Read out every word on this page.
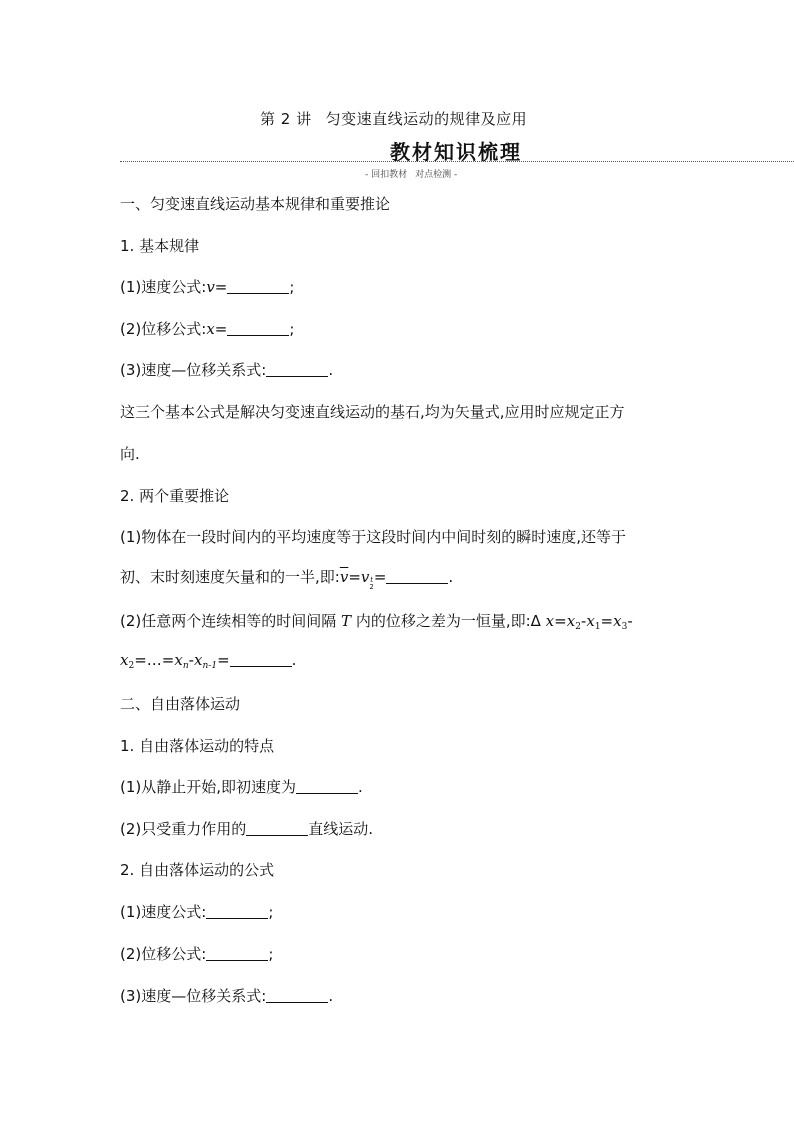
第 2 讲 匀变速直线运动的规律及应用
教材知识梳理
- 回扣教材 对点检测 -
一、匀变速直线运动基本规律和重要推论
1. 基本规律
(1)速度公式:v=	;
(2)位移公式:x=	;
(3)速度—位移关系式:	.
这三个基本公式是解决匀变速直线运动的基石,均为矢量式,应用时应规定正方
向.
2. 两个重要推论
(1)物体在一段时间内的平均速度等于这段时间内中间时刻的瞬时速度,还等于
初、末时刻速度矢量和的一半,即$:\overline{v}=v$ t
2
=	.
(2)任意两个连续相等的时间间隔 T 内的位移之差为一恒量,即:Δ $x=x_2-x_1=x_3-$
$x_2=\dots=x_n-x_{n-1}=$	.
二、自由落体运动
1. 自由落体运动的特点
(1)从静止开始,即初速度为	.
(2)只受重力作用的	直线运动.
2. 自由落体运动的公式
(1)速度公式:	;
(2)位移公式:	;
(3)速度—位移关系式:	.
